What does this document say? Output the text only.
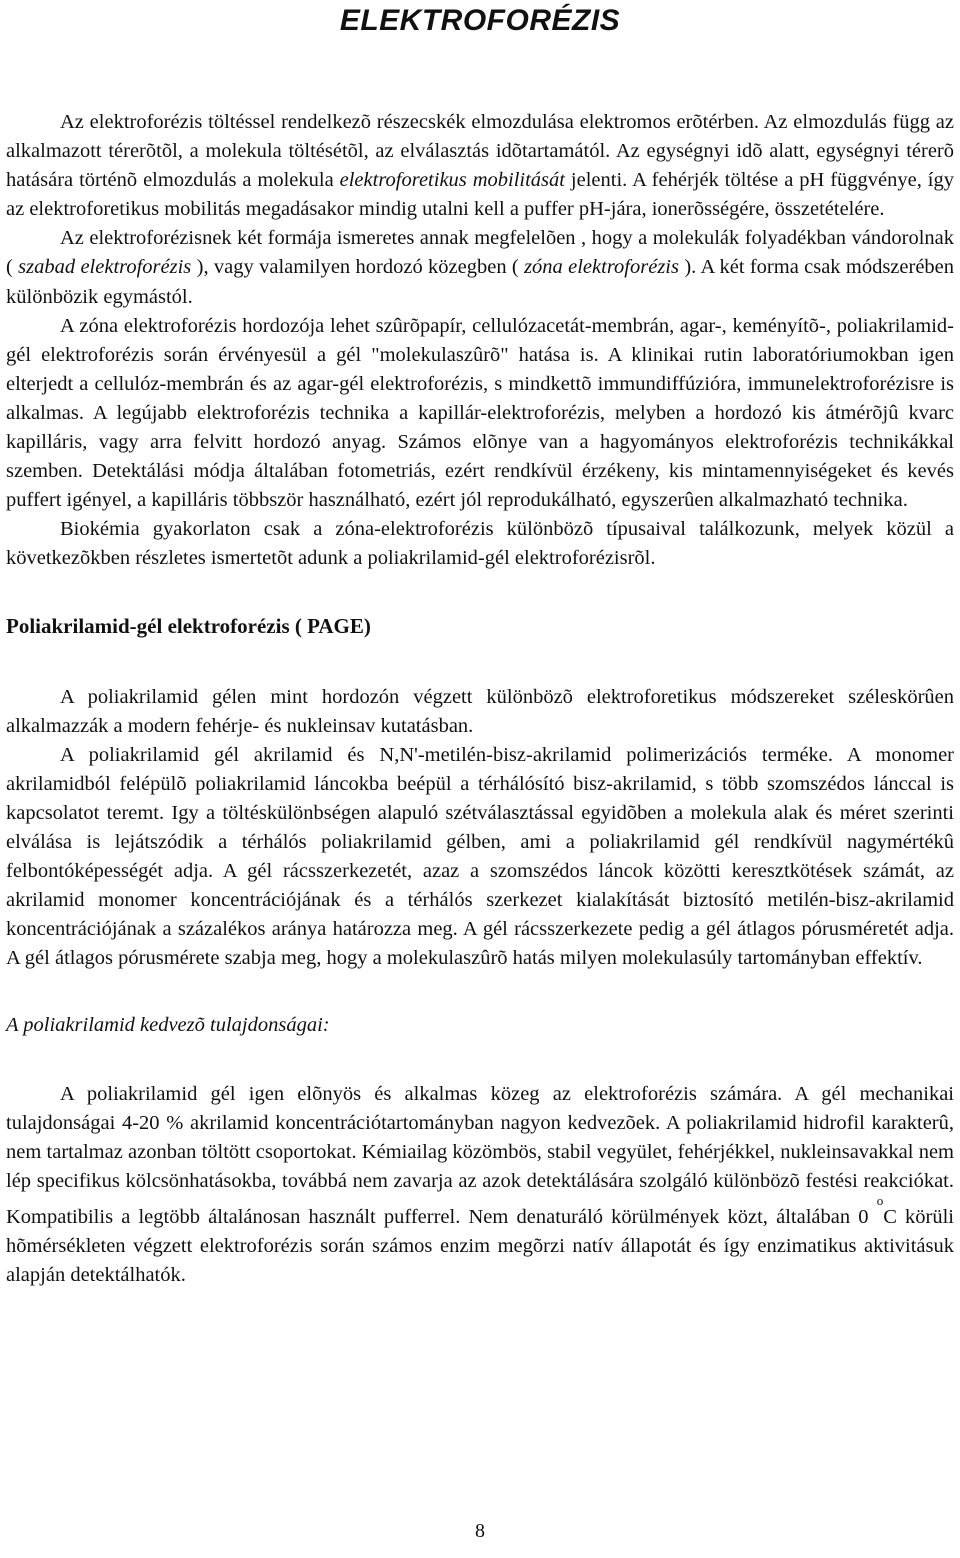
ELEKTROFORÉZIS

Az elektroforézis töltéssel rendelkezõ részecskék elmozdulása elektromos erõtérben. Az elmozdulás függ az alkalmazott térerõtõl, a molekula töltésétõl, az elválasztás idõtartamától. Az egységnyi idõ alatt, egységnyi térerõ hatására történõ elmozdulás a molekula elektroforetikus mobilitását jelenti. A fehérjék töltése a pH függvénye, így az elektroforetikus mobilitás megadásakor mindig utalni kell a puffer pH-jára, ionerõsségére, összetételére.

Az elektroforézisnek két formája ismeretes annak megfelelõen , hogy a molekulák folyadékban vándorolnak ( szabad elektroforézis ), vagy valamilyen hordozó közegben ( zóna elektroforézis ). A két forma csak módszerében különbözik egymástól.

A zóna elektroforézis hordozója lehet szûrõpapír, cellulózacetát-membrán, agar-, keményítõ-, poliakrilamid-gél elektroforézis során érvényesül a gél "molekulaszûrõ" hatása is. A klinikai rutin laboratóriumokban igen elterjedt a cellulóz-membrán és az agar-gél elektroforézis, s mindkettõ immundiffúzióra, immunelektroforézisre is alkalmas. A legújabb elektroforézis technika a kapillár-elektroforézis, melyben a hordozó kis átmérõjû kvarc kapilláris, vagy arra felvitt hordozó anyag. Számos elõnye van a hagyományos elektroforézis technikákkal szemben. Detektálási módja általában fotometriás, ezért rendkívül érzékeny, kis mintamennyiségeket és kevés puffert igényel, a kapilláris többször használható, ezért jól reprodukálható, egyszerûen alkalmazható technika.

Biokémia gyakorlaton csak a zóna-elektroforézis különbözõ típusaival találkozunk, melyek közül a következõkben részletes ismertetõt adunk a poliakrilamid-gél elektroforézisrõl.

Poliakrilamid-gél elektroforézis ( PAGE)

A poliakrilamid gélen mint hordozón végzett különbözõ elektroforetikus módszereket széleskörûen alkalmazzák a modern fehérje- és nukleinsav kutatásban.

A poliakrilamid gél akrilamid és N,N'-metilén-bisz-akrilamid polimerizációs terméke. A monomer akrilamidból felépülõ poliakrilamid láncokba beépül a térhálósító bisz-akrilamid, s több szomszédos lánccal is kapcsolatot teremt. Igy a töltéskülönbségen alapuló szétválasztással egyidõben a molekula alak és méret szerinti elválása is lejátszódik a térhálós poliakrilamid gélben, ami a poliakrilamid gél rendkívül nagymértékû felbontóképességét adja. A gél rácsszerkezetét, azaz a szomszédos láncok közötti keresztkötések számát, az akrilamid monomer koncentrációjának és a térhálós szerkezet kialakítását biztosító metilén-bisz-akrilamid koncentrációjának a százalékos aránya határozza meg. A gél rácsszerkezete pedig a gél átlagos pórusméretét adja. A gél átlagos pórusmérete szabja meg, hogy a molekulaszûrõ hatás milyen molekulasúly tartományban effektív.

A poliakrilamid kedvezõ tulajdonságai:

A poliakrilamid gél igen elõnyös és alkalmas közeg az elektroforézis számára. A gél mechanikai tulajdonságai 4-20 % akrilamid koncentrációtartományban nagyon kedvezõek. A poliakrilamid hidrofil karakterû, nem tartalmaz azonban töltött csoportokat. Kémiailag közömbös, stabil vegyület, fehérjékkel, nukleinsavakkal nem lép specifikus kölcsönhatásokba, továbbá nem zavarja az azok detektálására szolgáló különbözõ festési reakciókat. Kompatibilis a legtöbb általánosan használt pufferrel. Nem denaturáló körülmények közt, általában 0 $^o$C körüli hõmérsékleten végzett elektroforézis során számos enzim megõrzi natív állapotát és így enzimatikus aktivitásuk alapján detektálhatók.

8
